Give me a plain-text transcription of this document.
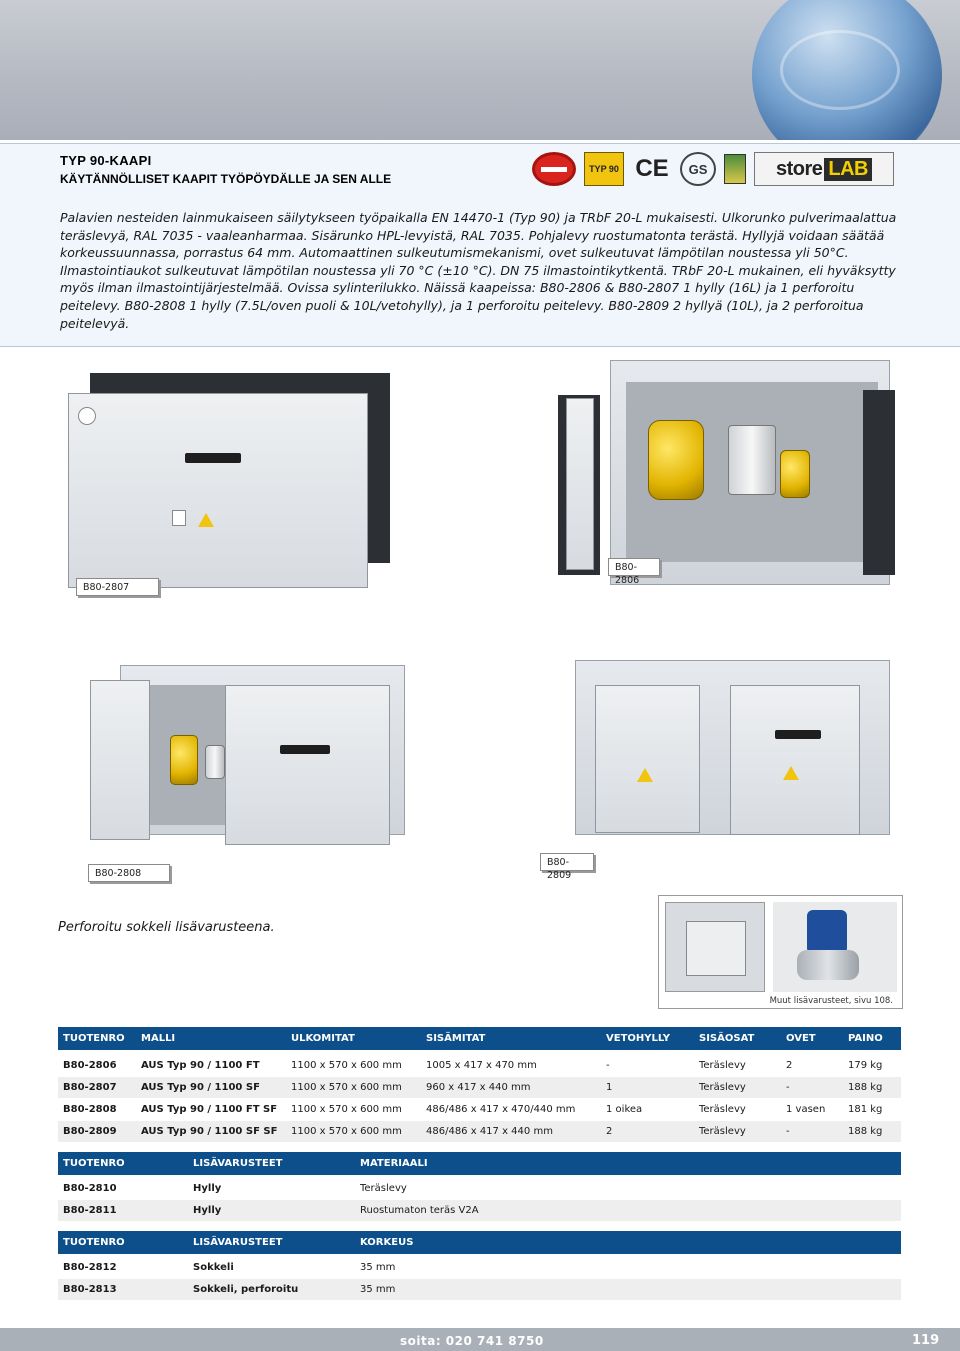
TYP 90-KAAPI
KÄYTÄNNÖLLISET KAAPIT TYÖPÖYDÄLLE JA SEN ALLE
TYP 90 CE	GS	store LAB
Palavien nesteiden lainmukaiseen säilytykseen työpaikalla EN 14470-1 (Typ 90) ja TRbF 20-L mukaisesti. Ulkorunko pulverimaalattua teräslevyä, RAL 7035 - vaaleanharmaa. Sisärunko HPL-levyistä, RAL 7035. Pohjalevy ruostumatonta terästä. Hyllyjä voidaan säätää korkeussuunnassa, porrastus 64 mm. Automaattinen sulkeutumismekanismi, ovet sulkeutuvat lämpötilan noustessa yli 50°C. Ilmastointiaukot sulkeutuvat lämpötilan noustessa yli 70 °C (±10 °C). DN 75 ilmastointikytkentä. TRbF 20-L mukainen, eli hyväksytty myös ilman ilmastointijärjestelmää. Ovissa sylinterilukko. Näissä kaapeissa: B80-2806 & B80-2807 1 hylly (16L) ja 1 perforoitu peitelevy. B80-2808 1 hylly (7.5L/oven puoli & 10L/vetohylly), ja 1 perforoitu peitelevy. B80-2809 2 hyllyä (10L), ja 2 perforoitua peitelevyä.
B80-2807
B80-2806
B80-2808
B80-2809
Perforoitu sokkeli lisävarusteena.
Muut lisävarusteet, sivu 108.
TUOTENRO	MALLI	ULKOMITAT	SISÄMITAT	VETOHYLLY	SISÄOSAT	OVET	PAINO

B80-2806	AUS Typ 90 / 1100 FT	1100 x 570 x 600 mm	1005 x 417 x 470 mm	-	Teräslevy	2	179 kg
B80-2807	AUS Typ 90 / 1100 SF	1100 x 570 x 600 mm	960 x 417 x 440 mm	1	Teräslevy	-	188 kg
B80-2808	AUS Typ 90 / 1100 FT SF	1100 x 570 x 600 mm	486/486 x 417 x 470/440 mm	1 oikea	Teräslevy	1 vasen	181 kg
B80-2809	AUS Typ 90 / 1100 SF SF	1100 x 570 x 600 mm	486/486 x 417 x 440 mm	2	Teräslevy	-	188 kg
TUOTENRO	LISÄVARUSTEET	MATERIAALI

B80-2810	Hylly	Teräslevy
B80-2811	Hylly	Ruostumaton teräs V2A
TUOTENRO	LISÄVARUSTEET	KORKEUS

B80-2812	Sokkeli	35 mm
B80-2813	Sokkeli, perforoitu	35 mm
soita: 020 741 8750	119
